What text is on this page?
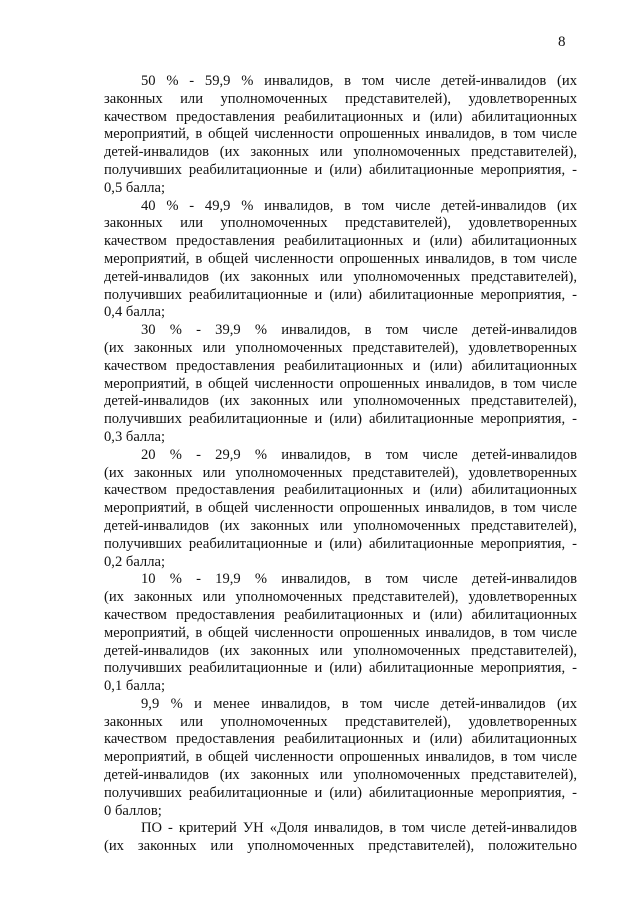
8
50 % - 59,9 % инвалидов, в том числе детей-инвалидов (их
законных или уполномоченных представителей), удовлетворенных
качеством предоставления реабилитационных и (или) абилитационных
мероприятий, в общей численности опрошенных инвалидов, в том числе
детей-инвалидов (их законных или уполномоченных представителей),
получивших реабилитационные и (или) абилитационные мероприятия, -
0,5 балла;
40 % - 49,9 % инвалидов, в том числе детей-инвалидов (их
законных или уполномоченных представителей), удовлетворенных
качеством предоставления реабилитационных и (или) абилитационных
мероприятий, в общей численности опрошенных инвалидов, в том числе
детей-инвалидов (их законных или уполномоченных представителей),
получивших реабилитационные и (или) абилитационные мероприятия, -
0,4 балла;
30 % - 39,9 % инвалидов, в том числе детей-инвалидов
(их законных или уполномоченных представителей), удовлетворенных
качеством предоставления реабилитационных и (или) абилитационных
мероприятий, в общей численности опрошенных инвалидов, в том числе
детей-инвалидов (их законных или уполномоченных представителей),
получивших реабилитационные и (или) абилитационные мероприятия, -
0,3 балла;
20 % - 29,9 % инвалидов, в том числе детей-инвалидов
(их законных или уполномоченных представителей), удовлетворенных
качеством предоставления реабилитационных и (или) абилитационных
мероприятий, в общей численности опрошенных инвалидов, в том числе
детей-инвалидов (их законных или уполномоченных представителей),
получивших реабилитационные и (или) абилитационные мероприятия, -
0,2 балла;
10 % - 19,9 % инвалидов, в том числе детей-инвалидов
(их законных или уполномоченных представителей), удовлетворенных
качеством предоставления реабилитационных и (или) абилитационных
мероприятий, в общей численности опрошенных инвалидов, в том числе
детей-инвалидов (их законных или уполномоченных представителей),
получивших реабилитационные и (или) абилитационные мероприятия, -
0,1 балла;
9,9 % и менее инвалидов, в том числе детей-инвалидов (их
законных или уполномоченных представителей), удовлетворенных
качеством предоставления реабилитационных и (или) абилитационных
мероприятий, в общей численности опрошенных инвалидов, в том числе
детей-инвалидов (их законных или уполномоченных представителей),
получивших реабилитационные и (или) абилитационные мероприятия, -
0 баллов;
ПО - критерий УН «Доля инвалидов, в том числе детей-инвалидов
(их законных или уполномоченных представителей), положительно
